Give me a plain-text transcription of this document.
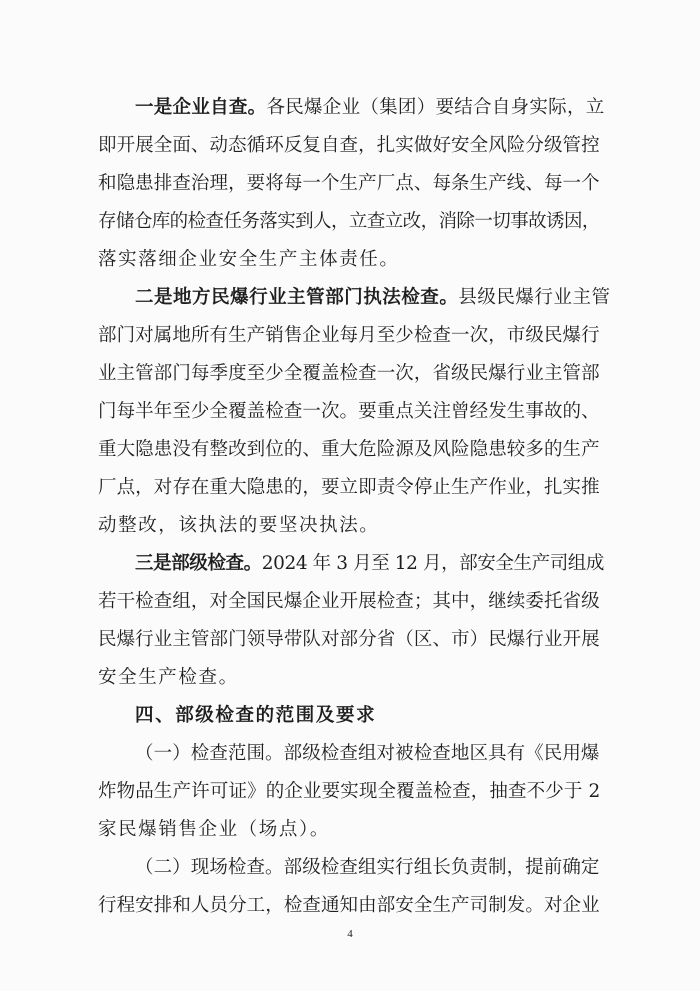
一是企业自查。各民爆企业（集团）要结合自身实际，立
即开展全面、动态循环反复自查，扎实做好安全风险分级管控
和隐患排查治理，要将每一个生产厂点、每条生产线、每一个
存储仓库的检查任务落实到人，立查立改，消除一切事故诱因，
落实落细企业安全生产主体责任。
二是地方民爆行业主管部门执法检查。县级民爆行业主管
部门对属地所有生产销售企业每月至少检查一次，市级民爆行
业主管部门每季度至少全覆盖检查一次，省级民爆行业主管部
门每半年至少全覆盖检查一次。要重点关注曾经发生事故的、
重大隐患没有整改到位的、重大危险源及风险隐患较多的生产
厂点，对存在重大隐患的，要立即责令停止生产作业，扎实推
动整改，该执法的要坚决执法。
三是部级检查。2024 年 3 月至 12 月，部安全生产司组成
若干检查组，对全国民爆企业开展检查；其中，继续委托省级
民爆行业主管部门领导带队对部分省（区、市）民爆行业开展
安全生产检查。
四、部级检查的范围及要求
（一）检查范围。部级检查组对被检查地区具有《民用爆
炸物品生产许可证》的企业要实现全覆盖检查，抽查不少于 2
家民爆销售企业（场点）。
（二）现场检查。部级检查组实行组长负责制，提前确定
行程安排和人员分工，检查通知由部安全生产司制发。对企业
4
